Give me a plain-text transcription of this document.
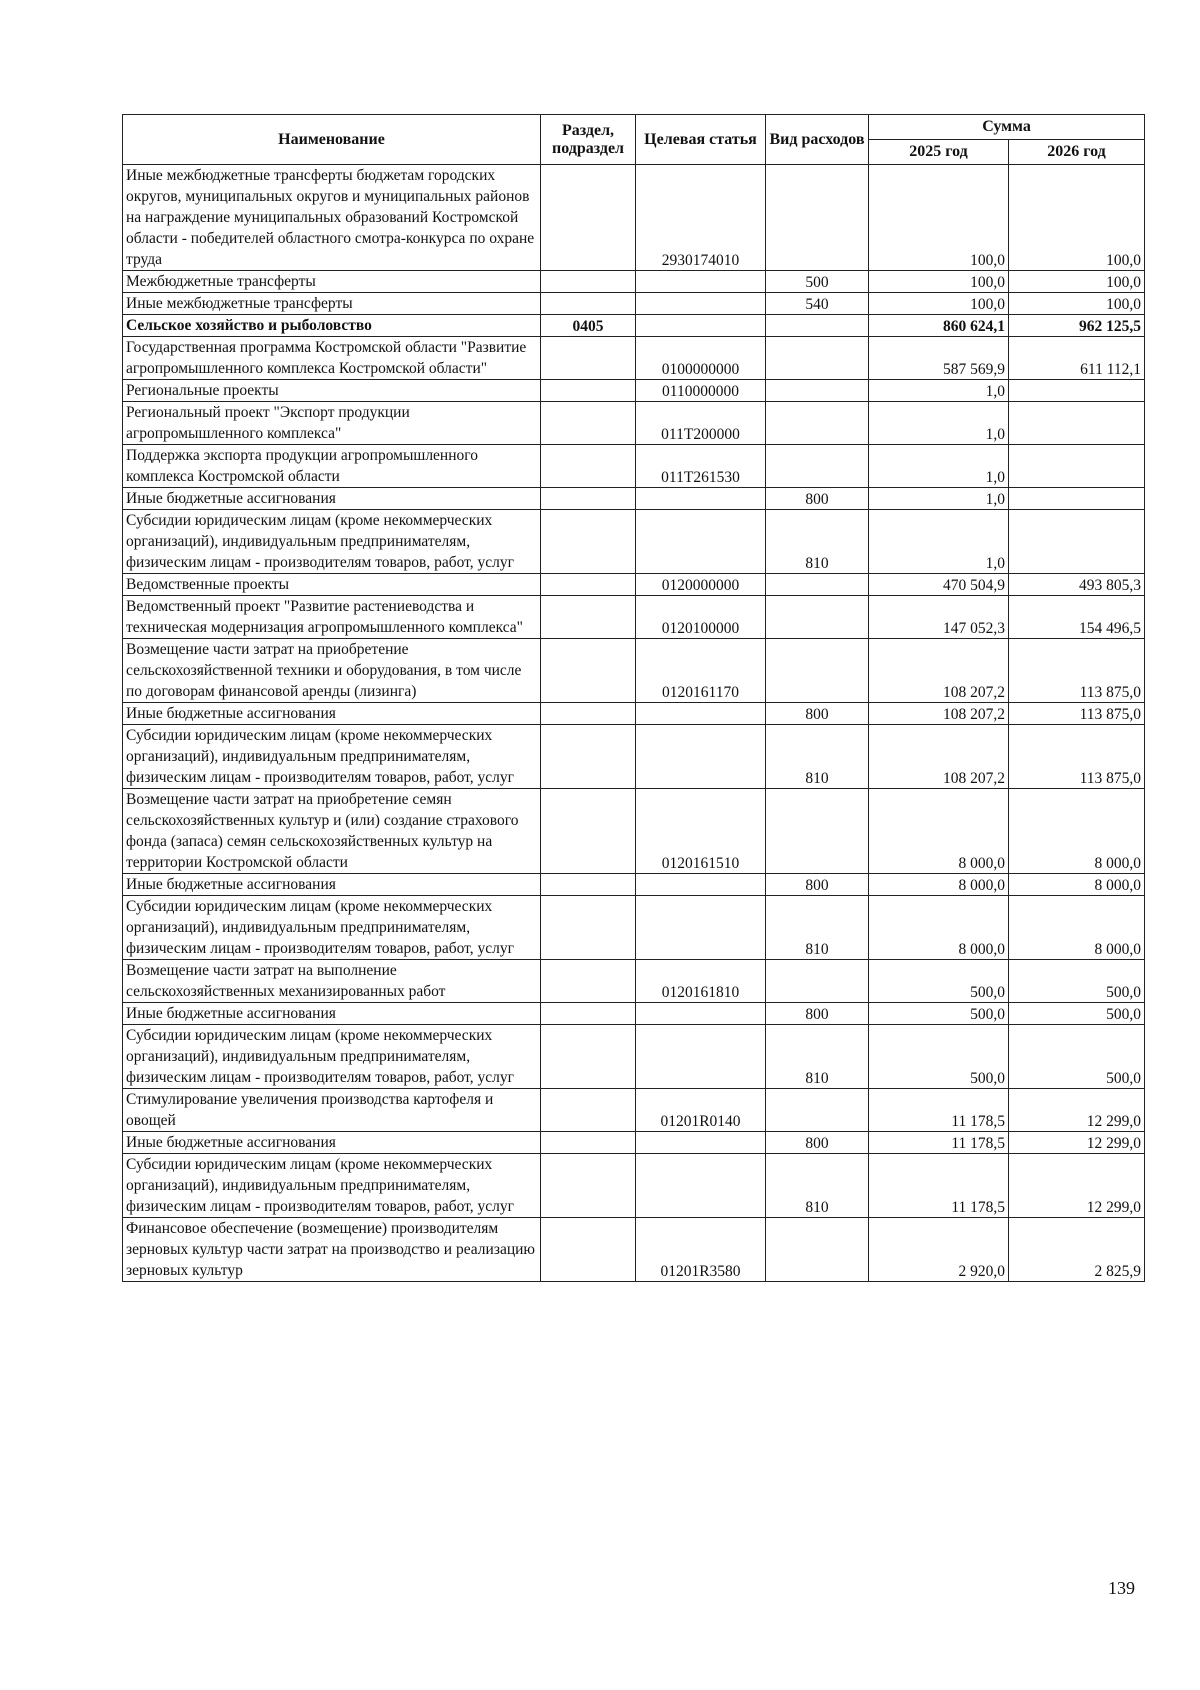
Наименование	Раздел, подраздел	Целевая статья	Вид расходов	Сумма	
				2025 год	2026 год
Иные межбюджетные трансферты бюджетам городских округов, муниципальных округов и муниципальных районов на награждение муниципальных образований Костромской области - победителей областного смотра-конкурса по охране труда		2930174010		100,0	100,0
Межбюджетные трансферты			500	100,0	100,0
Иные межбюджетные трансферты			540	100,0	100,0
Сельское хозяйство и рыболовство	0405			860 624,1	962 125,5
Государственная программа Костромской области "Развитие агропромышленного комплекса Костромской области"		0100000000		587 569,9	611 112,1
Региональные проекты		0110000000		1,0	
Региональный проект "Экспорт продукции агропромышленного комплекса"		011Т200000		1,0	
Поддержка экспорта продукции агропромышленного комплекса Костромской области		011Т261530		1,0	
Иные бюджетные ассигнования			800	1,0	
Субсидии юридическим лицам (кроме некоммерческих организаций), индивидуальным предпринимателям, физическим лицам - производителям товаров, работ, услуг			810	1,0	
Ведомственные проекты		0120000000		470 504,9	493 805,3
Ведомственный проект "Развитие растениеводства и техническая модернизация агропромышленного комплекса"		0120100000		147 052,3	154 496,5
Возмещение части затрат на приобретение сельскохозяйственной техники и оборудования, в том числе по договорам финансовой аренды (лизинга)		0120161170		108 207,2	113 875,0
Иные бюджетные ассигнования			800	108 207,2	113 875,0
Субсидии юридическим лицам (кроме некоммерческих организаций), индивидуальным предпринимателям, физическим лицам - производителям товаров, работ, услуг			810	108 207,2	113 875,0
Возмещение части затрат на приобретение семян сельскохозяйственных культур и (или) создание страхового фонда (запаса) семян сельскохозяйственных культур на территории Костромской области		0120161510		8 000,0	8 000,0
Иные бюджетные ассигнования			800	8 000,0	8 000,0
Субсидии юридическим лицам (кроме некоммерческих организаций), индивидуальным предпринимателям, физическим лицам - производителям товаров, работ, услуг			810	8 000,0	8 000,0
Возмещение части затрат на выполнение сельскохозяйственных механизированных работ		0120161810		500,0	500,0
Иные бюджетные ассигнования			800	500,0	500,0
Субсидии юридическим лицам (кроме некоммерческих организаций), индивидуальным предпринимателям, физическим лицам - производителям товаров, работ, услуг			810	500,0	500,0
Стимулирование увеличения производства картофеля и овощей		01201R0140		11 178,5	12 299,0
Иные бюджетные ассигнования			800	11 178,5	12 299,0
Субсидии юридическим лицам (кроме некоммерческих организаций), индивидуальным предпринимателям, физическим лицам - производителям товаров, работ, услуг			810	11 178,5	12 299,0
Финансовое обеспечение (возмещение) производителям зерновых культур части затрат на производство и реализацию зерновых культур		01201R3580		2 920,0	2 825,9
139
